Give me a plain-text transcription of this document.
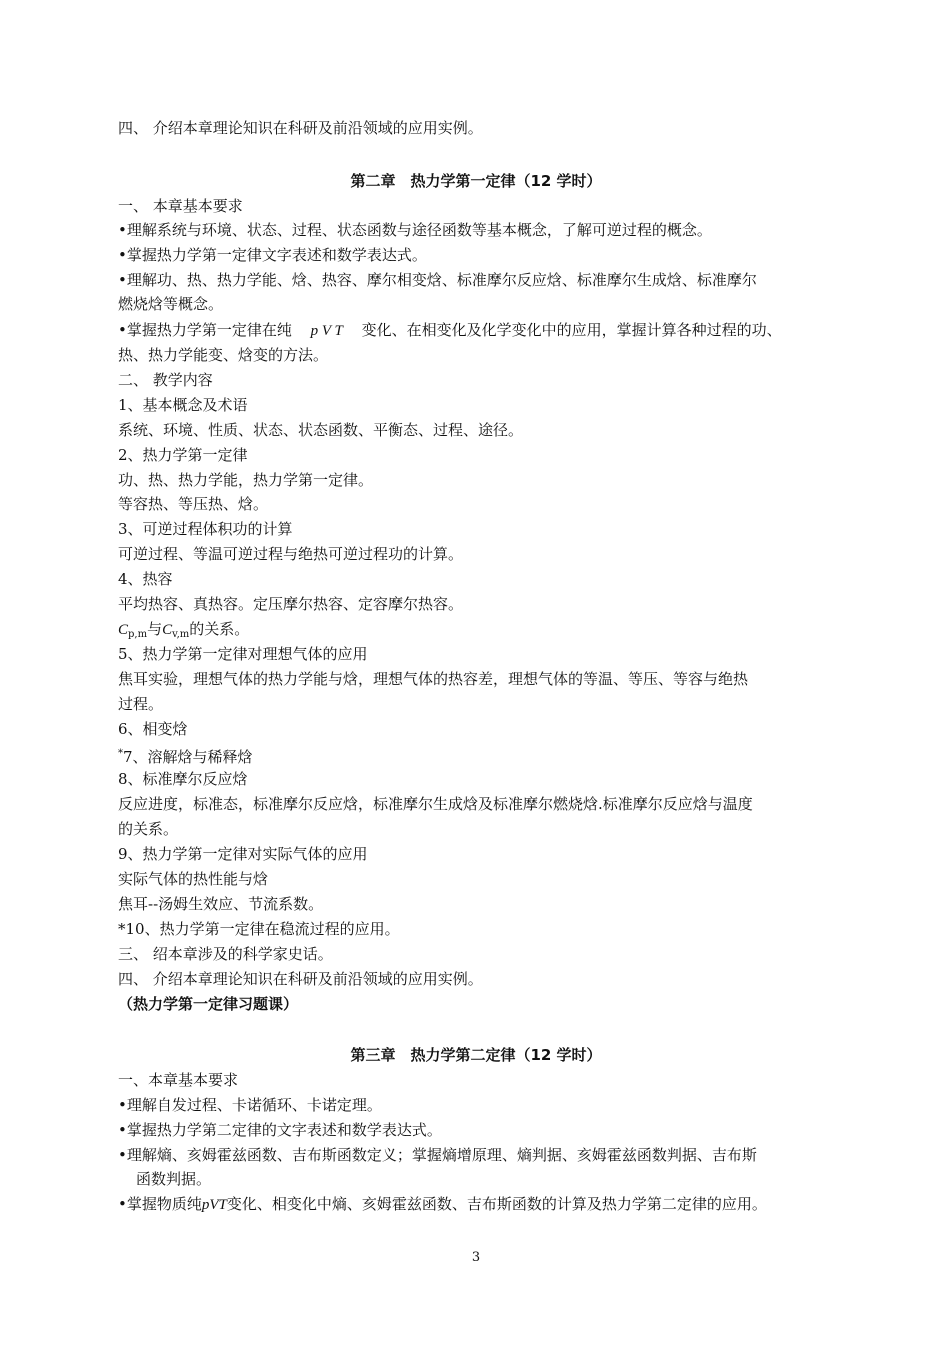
四、 介绍本章理论知识在科研及前沿领域的应用实例。
第二章　热力学第一定律（12 学时）
一、 本章基本要求
•理解系统与环境、状态、过程、状态函数与途径函数等基本概念，了解可逆过程的概念。
•掌握热力学第一定律文字表述和数学表达式。
•理解功、热、热力学能、焓、热容、摩尔相变焓、标准摩尔反应焓、标准摩尔生成焓、标准摩尔
燃烧焓等概念。
•掌握热力学第一定律在纯 p V T 变化、在相变化及化学变化中的应用，掌握计算各种过程的功、
热、热力学能变、焓变的方法。
二、 教学内容
1、基本概念及术语
系统、环境、性质、状态、状态函数、平衡态、过程、途径。
2、热力学第一定律
功、热、热力学能，热力学第一定律。
等容热、等压热、焓。
3、可逆过程体积功的计算
可逆过程、等温可逆过程与绝热可逆过程功的计算。
4、热容
平均热容、真热容。定压摩尔热容、定容摩尔热容。
$C_{p,m}$与$C_{v,m}$的关系。
5、热力学第一定律对理想气体的应用
焦耳实验，理想气体的热力学能与焓，理想气体的热容差，理想气体的等温、等压、等容与绝热
过程。
6、相变焓
*7、溶解焓与稀释焓
8、标准摩尔反应焓
反应进度，标准态，标准摩尔反应焓，标准摩尔生成焓及标准摩尔燃烧焓.标准摩尔反应焓与温度
的关系。
9、热力学第一定律对实际气体的应用
实际气体的热性能与焓
焦耳--汤姆生效应、节流系数。
*10、热力学第一定律在稳流过程的应用。
三、 绍本章涉及的科学家史话。
四、 介绍本章理论知识在科研及前沿领域的应用实例。
（热力学第一定律习题课）
第三章　热力学第二定律（12 学时）
一、本章基本要求
•理解自发过程、卡诺循环、卡诺定理。
•掌握热力学第二定律的文字表述和数学表达式。
•理解熵、亥姆霍兹函数、吉布斯函数定义；掌握熵增原理、熵判据、亥姆霍兹函数判据、吉布斯
函数判据。
•掌握物质纯pVT变化、相变化中熵、亥姆霍兹函数、吉布斯函数的计算及热力学第二定律的应用。
3
